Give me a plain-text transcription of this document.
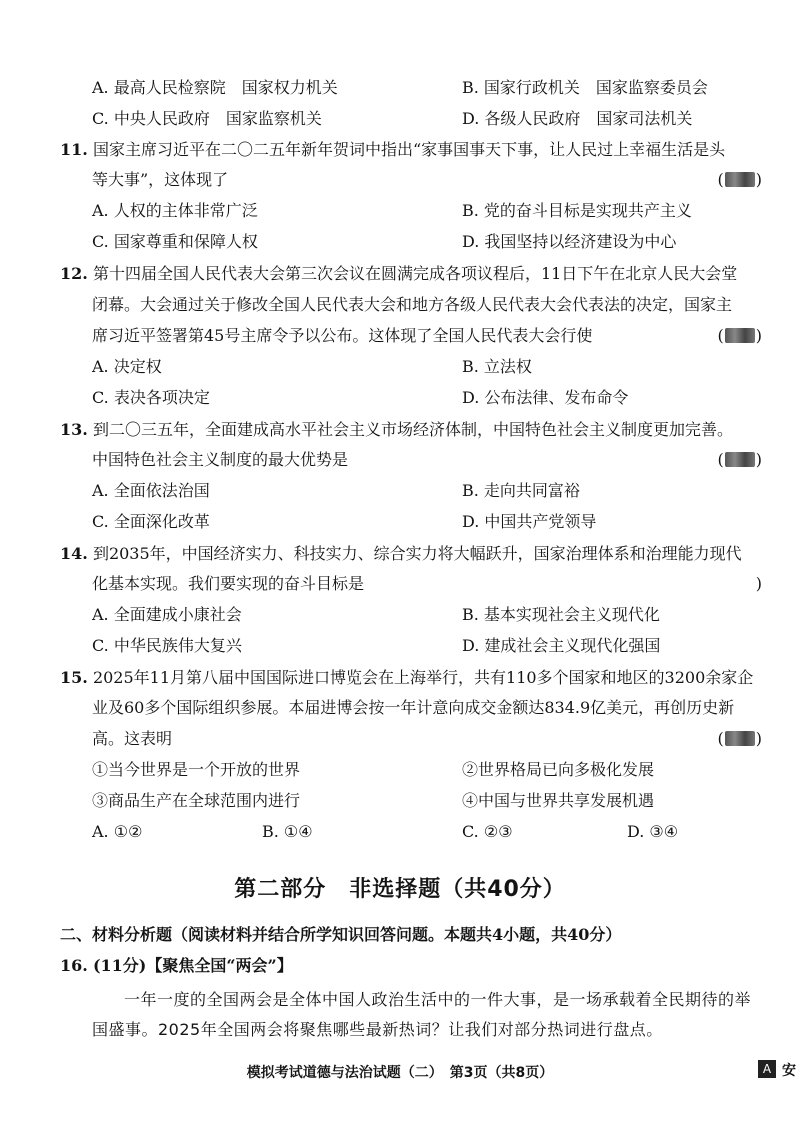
A. 最高人民检察院　国家权力机关	B. 国家行政机关　国家监察委员会
C. 中央人民政府　国家监察机关	D. 各级人民政府　国家司法机关
11. 国家主席习近平在二〇二五年新年贺词中指出“家事国事天下事，让人民过上幸福生活是头
等大事”，这体现了	( )
A. 人权的主体非常广泛	B. 党的奋斗目标是实现共产主义
C. 国家尊重和保障人权	D. 我国坚持以经济建设为中心
12. 第十四届全国人民代表大会第三次会议在圆满完成各项议程后，11日下午在北京人民大会堂
闭幕。大会通过关于修改全国人民代表大会和地方各级人民代表大会代表法的决定，国家主
席习近平签署第45号主席令予以公布。这体现了全国人民代表大会行使	( )
A. 决定权	B. 立法权
C. 表决各项决定	D. 公布法律、发布命令
13. 到二〇三五年，全面建成高水平社会主义市场经济体制，中国特色社会主义制度更加完善。
中国特色社会主义制度的最大优势是	( )
A. 全面依法治国	B. 走向共同富裕
C. 全面深化改革	D. 中国共产党领导
14. 到2035年，中国经济实力、科技实力、综合实力将大幅跃升，国家治理体系和治理能力现代
化基本实现。我们要实现的奋斗目标是	)
A. 全面建成小康社会	B. 基本实现社会主义现代化
C. 中华民族伟大复兴	D. 建成社会主义现代化强国
15. 2025年11月第八届中国国际进口博览会在上海举行，共有110多个国家和地区的3200余家企
业及60多个国际组织参展。本届进博会按一年计意向成交金额达834.9亿美元，再创历史新
高。这表明	( )
①当今世界是一个开放的世界	②世界格局已向多极化发展
③商品生产在全球范围内进行	④中国与世界共享发展机遇
A. ①②	B. ①④	C. ②③	D. ③④
第二部分　非选择题（共40分）
二、材料分析题（阅读材料并结合所学知识回答问题。本题共4小题，共40分）
16. (11分)【聚焦全国“两会”】
一年一度的全国两会是全体中国人政治生活中的一件大事，是一场承载着全民期待的举
国盛事。2025年全国两会将聚焦哪些最新热词？让我们对部分热词进行盘点。
模拟考试道德与法治试题（二）　第3页（共8页）	A 安
